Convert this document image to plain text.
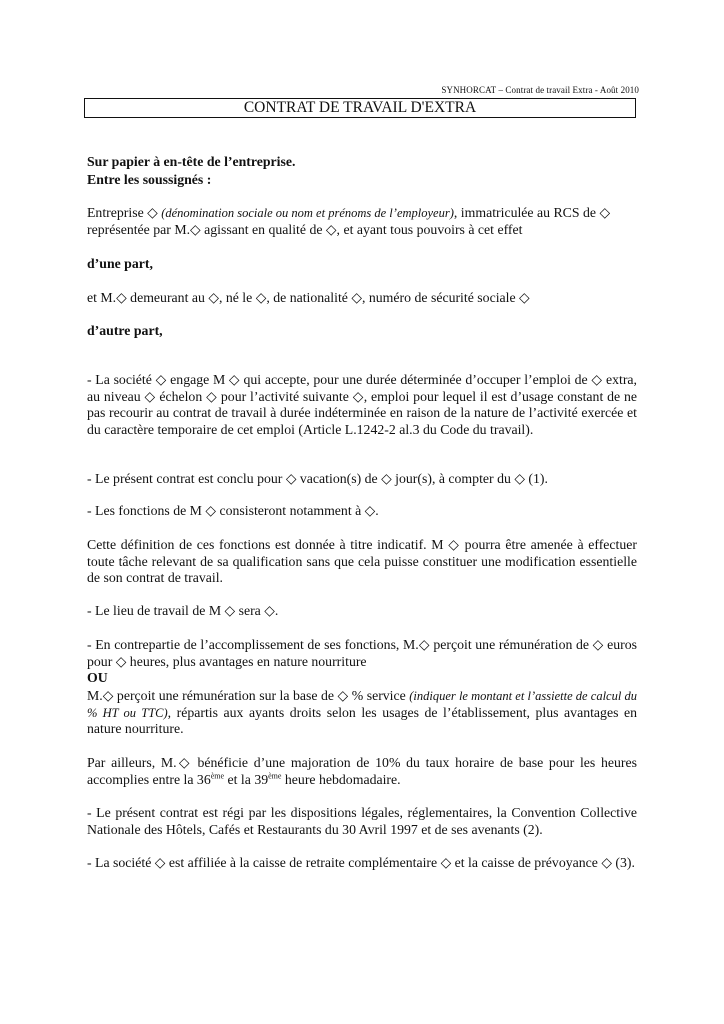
SYNHORCAT – Contrat de travail Extra - Août 2010
CONTRAT DE TRAVAIL D'EXTRA
Sur papier à en-tête de l’entreprise.
Entre les soussignés :
Entreprise ◇ (dénomination sociale ou nom et prénoms de l’employeur), immatriculée au RCS de ◇ représentée par M.◇ agissant en qualité de ◇, et ayant tous pouvoirs à cet effet
d’une part,
et M.◇ demeurant au ◇, né le ◇, de nationalité ◇, numéro de sécurité sociale ◇
d’autre part,
- La société ◇ engage M ◇ qui accepte, pour une durée déterminée d’occuper l’emploi de ◇ extra, au niveau ◇ échelon ◇ pour l’activité suivante ◇, emploi pour lequel il est d’usage constant de ne pas recourir au contrat de travail à durée indéterminée en raison de la nature de l’activité exercée et du caractère temporaire de cet emploi (Article L.1242-2 al.3 du Code du travail).
- Le présent contrat est conclu pour ◇ vacation(s) de ◇ jour(s), à compter du ◇ (1).
- Les fonctions de M ◇ consisteront notamment à ◇.
Cette définition de ces fonctions est donnée à titre indicatif. M ◇ pourra être amenée à effectuer toute tâche relevant de sa qualification sans que cela puisse constituer une modification essentielle de son contrat de travail.
- Le lieu de travail de M ◇ sera ◇.
- En contrepartie de l’accomplissement de ses fonctions, M.◇ perçoit une rémunération de ◇ euros pour ◇ heures, plus avantages en nature nourriture
OU
M.◇ perçoit une rémunération sur la base de ◇ % service (indiquer le montant et l’assiette de calcul du % HT ou TTC), répartis aux ayants droits selon les usages de l’établissement, plus avantages en nature nourriture.
Par ailleurs, M.◇ bénéficie d’une majoration de 10% du taux horaire de base pour les heures accomplies entre la 36ème et la 39ème heure hebdomadaire.
- Le présent contrat est régi par les dispositions légales, réglementaires, la Convention Collective Nationale des Hôtels, Cafés et Restaurants du 30 Avril 1997 et de ses avenants (2).
- La société ◇ est affiliée à la caisse de retraite complémentaire ◇ et la caisse de prévoyance ◇ (3).
